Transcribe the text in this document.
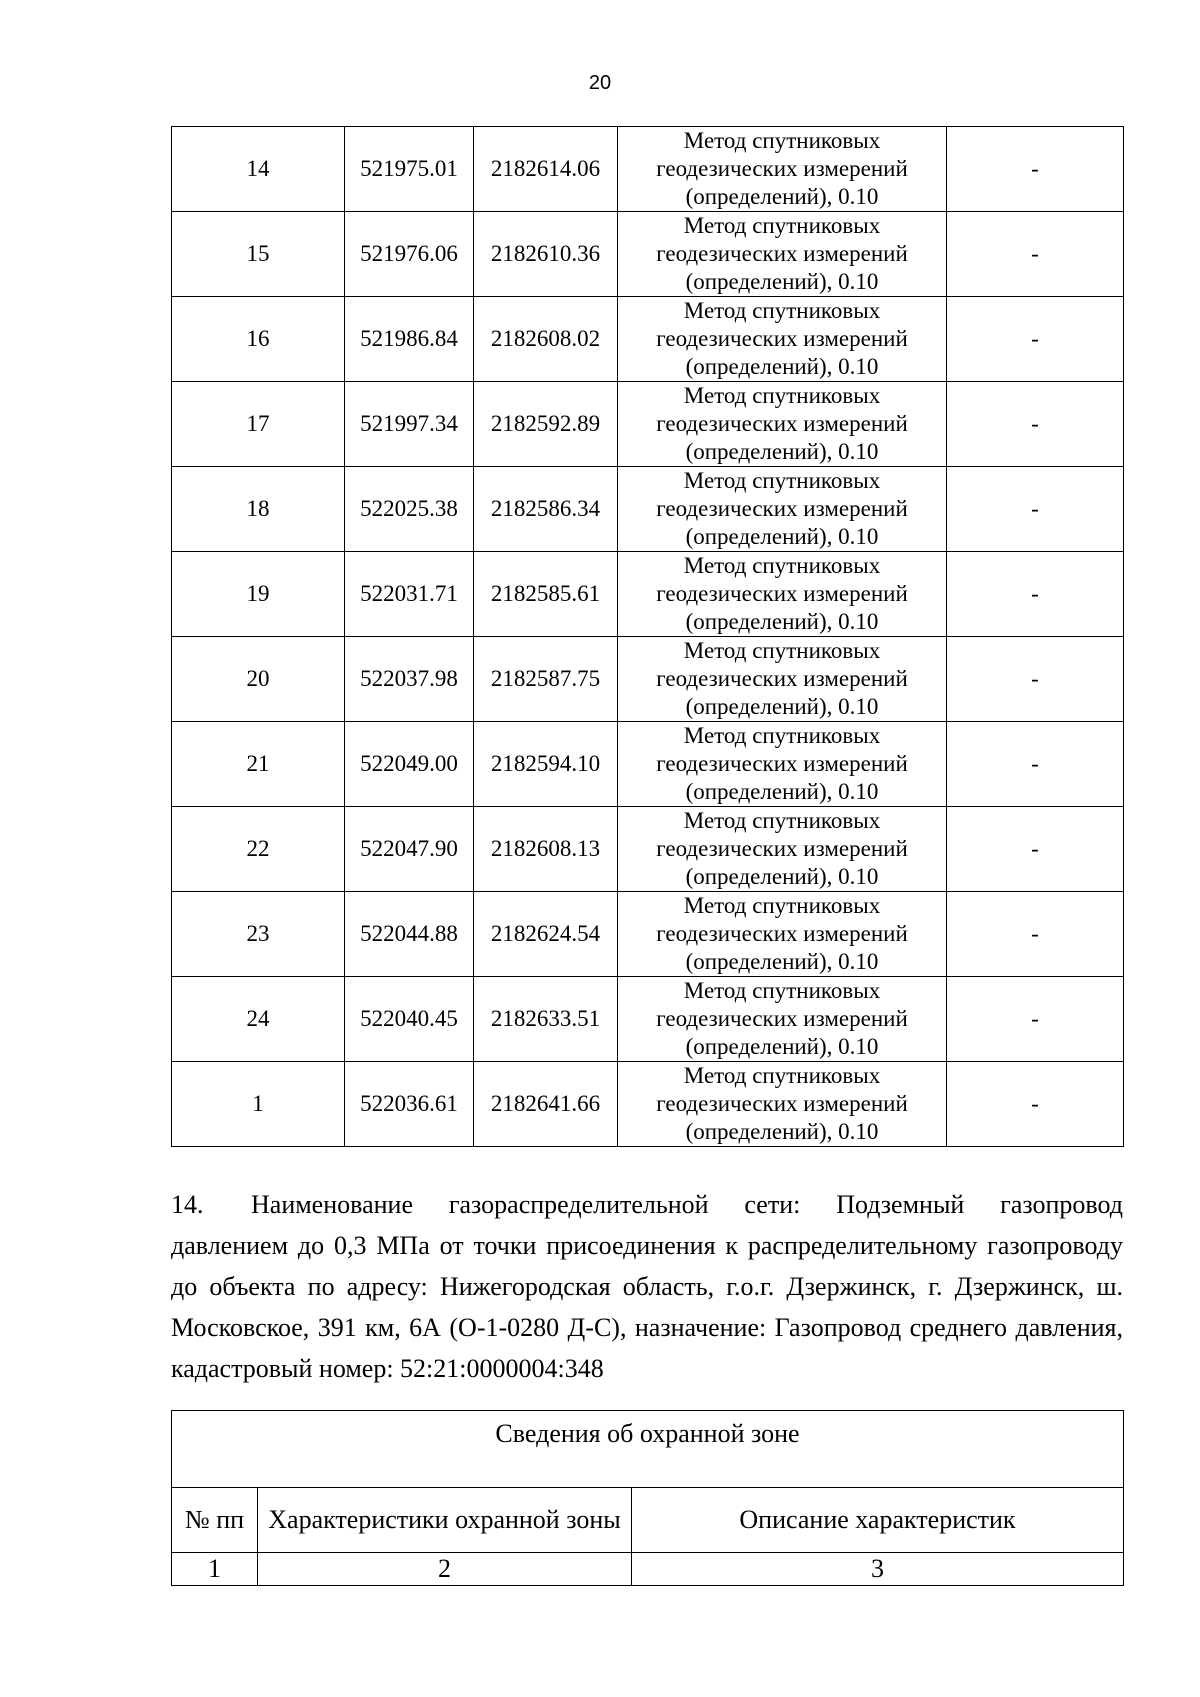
20
14	521975.01	2182614.06	Метод спутниковых
геодезических измерений
(определений), 0.10	-
15	521976.06	2182610.36	Метод спутниковых
геодезических измерений
(определений), 0.10	-
16	521986.84	2182608.02	Метод спутниковых
геодезических измерений
(определений), 0.10	-
17	521997.34	2182592.89	Метод спутниковых
геодезических измерений
(определений), 0.10	-
18	522025.38	2182586.34	Метод спутниковых
геодезических измерений
(определений), 0.10	-
19	522031.71	2182585.61	Метод спутниковых
геодезических измерений
(определений), 0.10	-
20	522037.98	2182587.75	Метод спутниковых
геодезических измерений
(определений), 0.10	-
21	522049.00	2182594.10	Метод спутниковых
геодезических измерений
(определений), 0.10	-
22	522047.90	2182608.13	Метод спутниковых
геодезических измерений
(определений), 0.10	-
23	522044.88	2182624.54	Метод спутниковых
геодезических измерений
(определений), 0.10	-
24	522040.45	2182633.51	Метод спутниковых
геодезических измерений
(определений), 0.10	-
1	522036.61	2182641.66	Метод спутниковых
геодезических измерений
(определений), 0.10	-

14. Наименование газораспределительной сети: Подземный газопровод давлением до 0,3 МПа от точки присоединения к распределительному газопроводу до объекта по адресу: Нижегородская область, г.о.г. Дзержинск, г. Дзержинск, ш. Московское, 391 км, 6А (О-1-0280 Д-С), назначение: Газопровод среднего давления, кадастровый номер: 52:21:0000004:348

Сведения об охранной зоне		
№ пп	Характеристики охранной зоны	Описание характеристик
1	2	3
